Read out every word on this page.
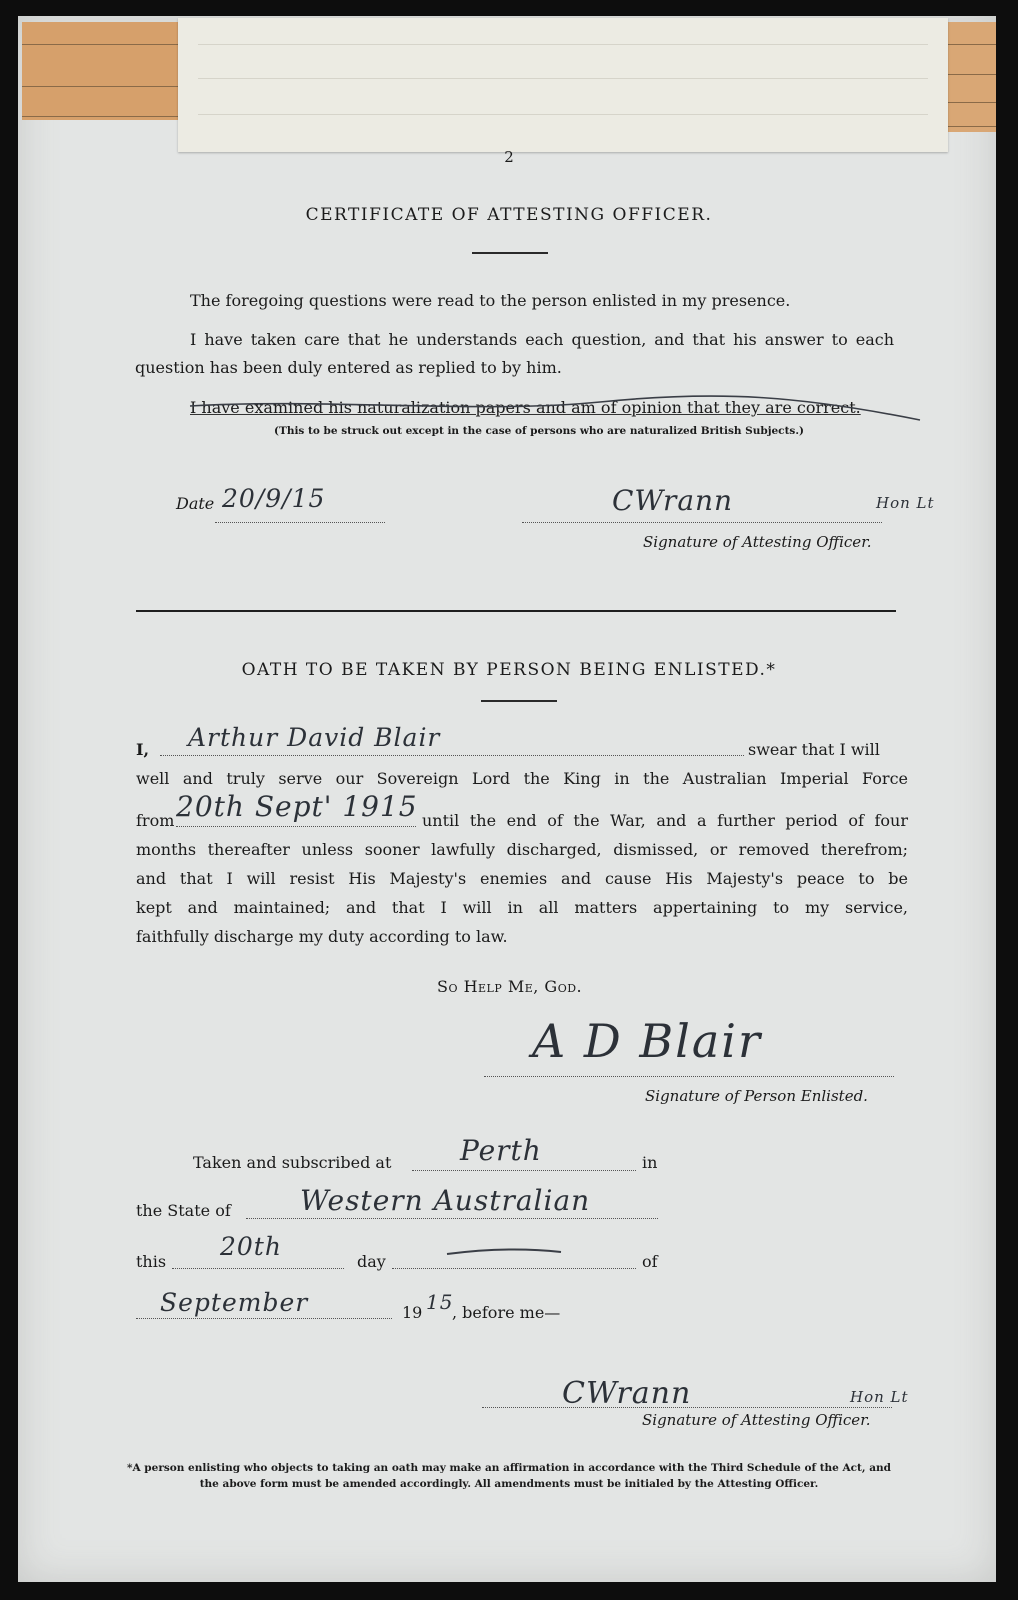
2
CERTIFICATE OF ATTESTING OFFICER.
The foregoing questions were read to the person enlisted in my presence.
I have taken care that he understands each question, and that his answer to each
question has been duly entered as replied to by him.
I have examined his naturalization papers and am of opinion that they are correct.
(This to be struck out except in the case of persons who are naturalized British Subjects.)
Date 20/9/15	CWrann	Hon Lt
Signature of Attesting Officer.
OATH TO BE TAKEN BY PERSON BEING ENLISTED.*
I, Arthur David Blair	swear that I will
well and truly serve our Sovereign Lord the King in the Australian Imperial Force
from 20th Sept' 1915 until the end of the War, and a further period of four
months thereafter unless sooner lawfully discharged, dismissed, or removed therefrom;
and that I will resist His Majesty's enemies and cause His Majesty's peace to be
kept and maintained; and that I will in all matters appertaining to my service,
faithfully discharge my duty according to law.
So Help Me, God.
A D Blair
Signature of Person Enlisted.
Taken and subscribed at Perth	in
the State of Western Australian
this
20th
day	of
September	19 15
, before me—
CWrann	Hon Lt
Signature of Attesting Officer.
*A person enlisting who objects to taking an oath may make an affirmation in accordance with the Third Schedule of the Act, and
the above form must be amended accordingly. All amendments must be initialed by the Attesting Officer.
